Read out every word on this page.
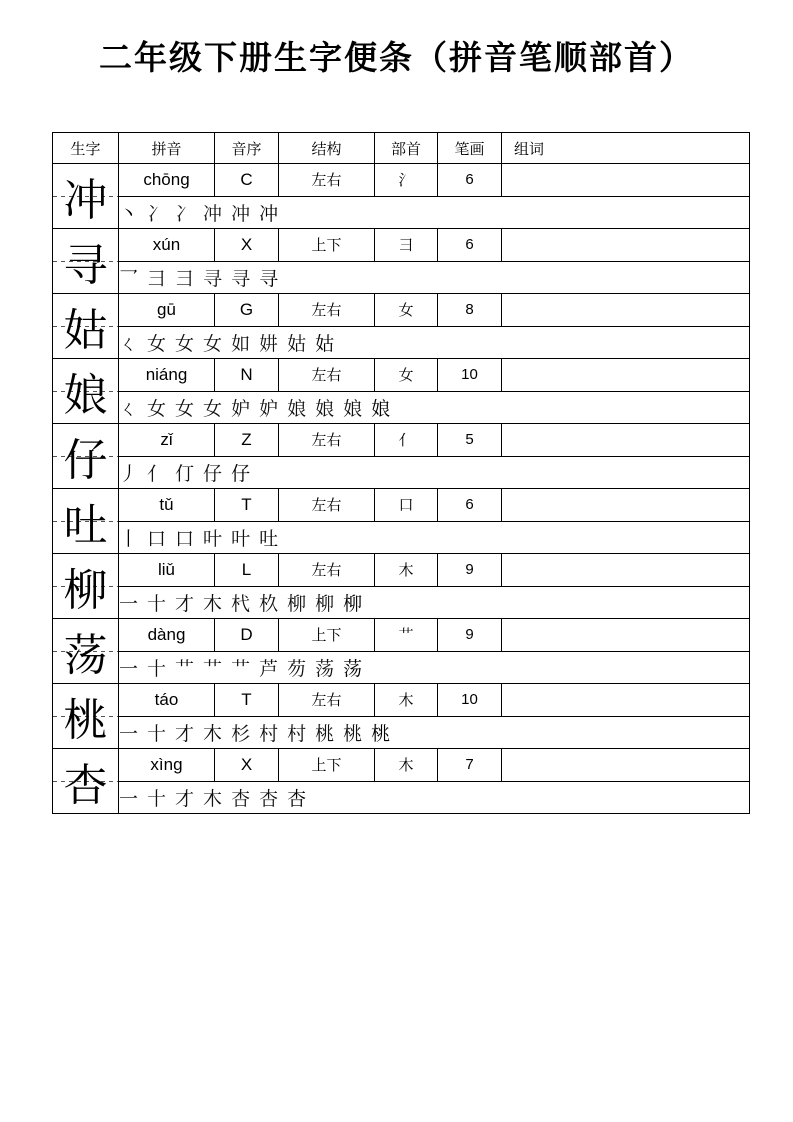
二年级下册生字便条（拼音笔顺部首）
生字	拼音	音序	结构	部首	笔画	组词
冲	chōng	C	左右	氵	6	
	丶 冫 冫 冲 冲 冲					
寻	xún	X	上下	彐	6	
	乛 彐 彐 寻 寻 寻					
姑	gū	G	左右	女	8	
	ㄑ 女 女 女 如 妌 姑 姑					
娘	niáng	N	左右	女	10	
	ㄑ 女 女 女 妒 妒 娘 娘 娘 娘					
仔	zǐ	Z	左右	亻	5	
	丿 亻 仃 仔 仔					
吐	tǔ	T	左右	口	6	
	丨 口 口 叶 叶 吐					
柳	liǔ	L	左右	木	9	
	一 十 才 木 杙 杦 柳 柳 柳					
荡	dàng	D	上下	艹	9	
	一 十 艹 艹 艹 芦 芴 荡 荡					
桃	táo	T	左右	木	10	
	一 十 才 木 杉 村 村 桃 桃 桃					
杏	xìng	X	上下	木	7	
	一 十 才 木 杏 杏 杏					
